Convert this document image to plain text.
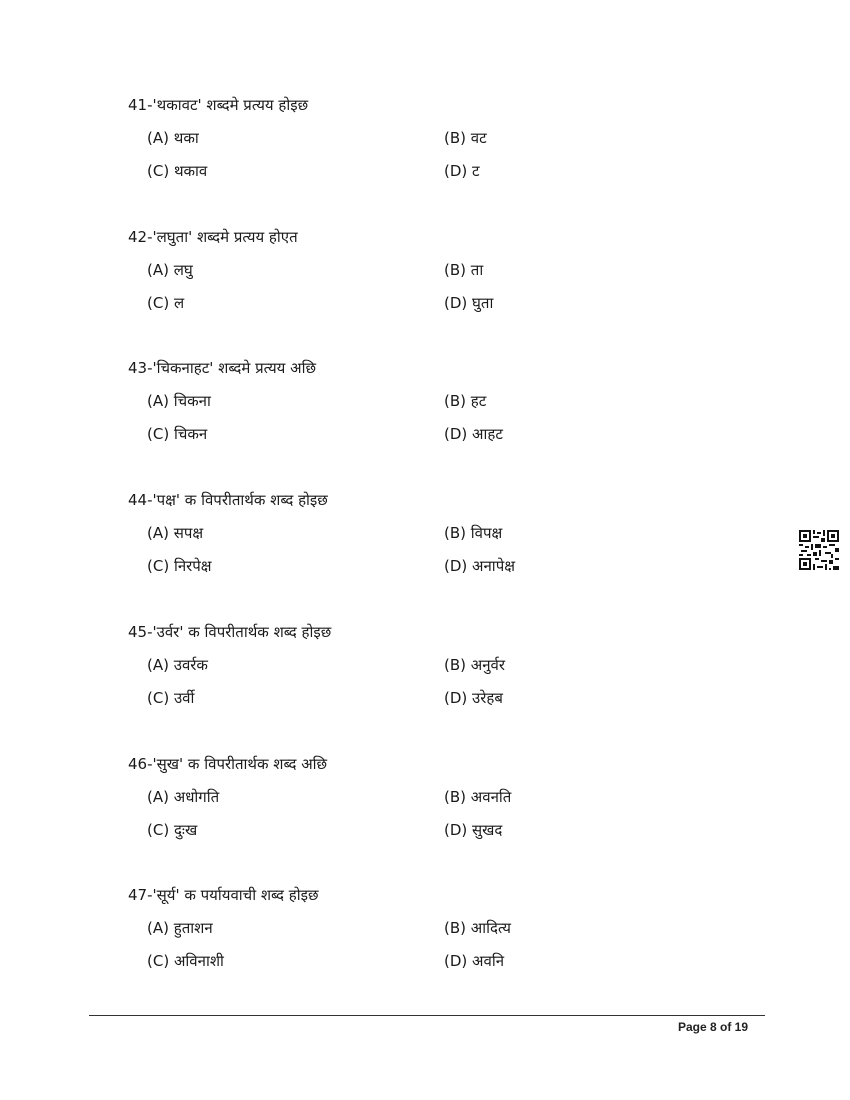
41-'थकावट' शब्दमे प्रत्यय होइछ
(A) थका	(B) वट
(C) थकाव	(D) ट
42-'लघुता' शब्दमे प्रत्यय होएत
(A) लघु	(B) ता
(C) ल	(D) घुता
43-'चिकनाहट' शब्दमे प्रत्यय अछि
(A) चिकना	(B) हट
(C) चिकन	(D) आहट
44-'पक्ष' क विपरीतार्थक शब्द होइछ
(A) सपक्ष	(B) विपक्ष
(C) निरपेक्ष	(D) अनापेक्ष
45-'उर्वर' क विपरीतार्थक शब्द होइछ
(A) उवर्रक	(B) अनुर्वर
(C) उर्वी	(D) उरेहब
46-'सुख' क विपरीतार्थक शब्द अछि
(A) अधोगति	(B) अवनति
(C) दुःख	(D) सुखद
47-'सूर्य' क पर्यायवाची शब्द होइछ
(A) हुताशन	(B) आदित्य
(C) अविनाशी	(D) अवनि
Page 8 of 19
